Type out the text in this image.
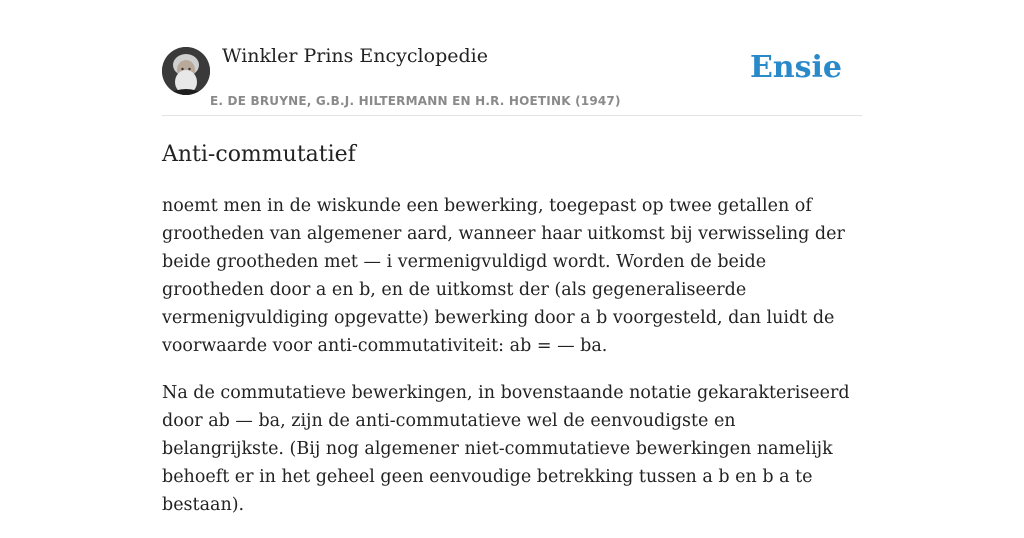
Winkler Prins Encyclopedie
E. DE BRUYNE, G.B.J. HILTERMANN EN H.R. HOETINK (1947)
Ensie
Anti-commutatief

noemt men in de wiskunde een bewerking, toegepast op twee getallen of grootheden van algemener aard, wanneer haar uitkomst bij verwisseling der beide grootheden met — i vermenigvuldigd wordt. Worden de beide grootheden door a en b, en de uitkomst der (als gegeneraliseerde vermenigvuldiging opgevatte) bewerking door a b voorgesteld, dan luidt de voorwaarde voor anti-commutativiteit: ab = — ba.

Na de commutatieve bewerkingen, in bovenstaande notatie gekarakteriseerd door ab — ba, zijn de anti-commutatieve wel de eenvoudigste en belangrijkste. (Bij nog algemener niet-commutatieve bewerkingen namelijk behoeft er in het geheel geen eenvoudige betrekking tussen a b en b a te bestaan).
